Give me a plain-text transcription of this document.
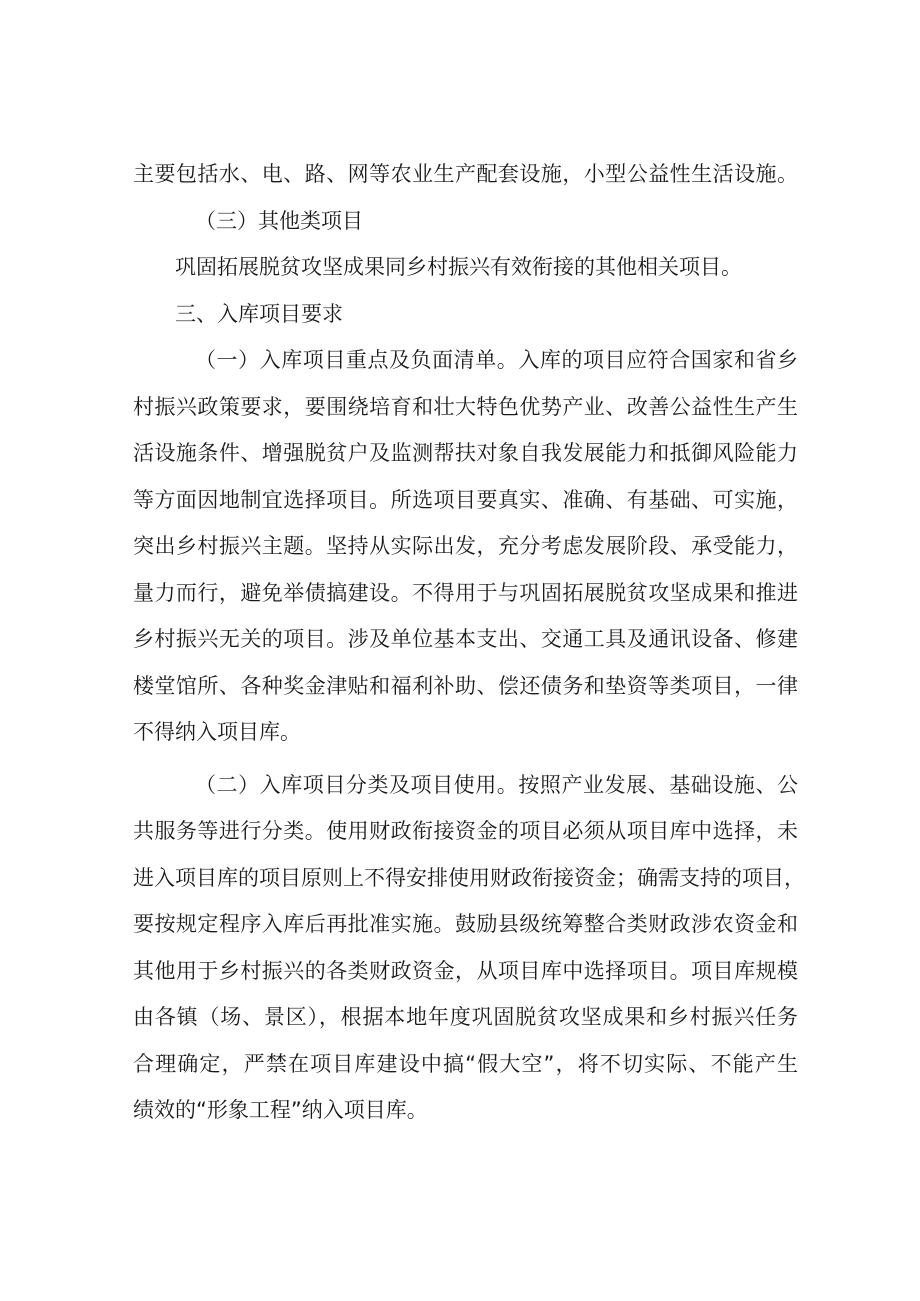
主要包括水、电、路、网等农业生产配套设施，小型公益性生活设施。
（三）其他类项目
巩固拓展脱贫攻坚成果同乡村振兴有效衔接的其他相关项目。
三、入库项目要求
（一）入库项目重点及负面清单。入库的项目应符合国家和省乡
村振兴政策要求，要围绕培育和壮大特色优势产业、改善公益性生产生
活设施条件、增强脱贫户及监测帮扶对象自我发展能力和抵御风险能力
等方面因地制宜选择项目。所选项目要真实、准确、有基础、可实施，
突出乡村振兴主题。坚持从实际出发，充分考虑发展阶段、承受能力，
量力而行，避免举债搞建设。不得用于与巩固拓展脱贫攻坚成果和推进
乡村振兴无关的项目。涉及单位基本支出、交通工具及通讯设备、修建
楼堂馆所、各种奖金津贴和福利补助、偿还债务和垫资等类项目，一律
不得纳入项目库。
（二）入库项目分类及项目使用。按照产业发展、基础设施、公
共服务等进行分类。使用财政衔接资金的项目必须从项目库中选择，未
进入项目库的项目原则上不得安排使用财政衔接资金；确需支持的项目，
要按规定程序入库后再批准实施。鼓励县级统筹整合类财政涉农资金和
其他用于乡村振兴的各类财政资金，从项目库中选择项目。项目库规模
由各镇（场、景区），根据本地年度巩固脱贫攻坚成果和乡村振兴任务
合理确定，严禁在项目库建设中搞“假大空”，将不切实际、不能产生
绩效的“形象工程”纳入项目库。
